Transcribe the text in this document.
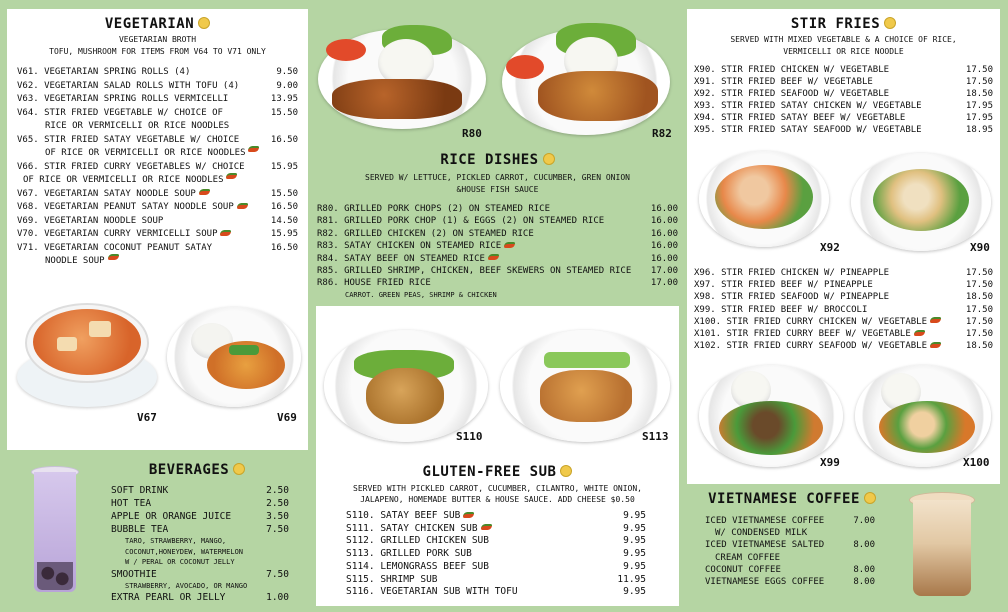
VEGETARIAN
VEGETARIAN BROTH
TOFU, MUSHROOM FOR ITEMS FROM V64 TO V71 ONLY
V61. VEGETARIAN SPRING ROLLS (4)	9.50
V62. VEGETARIAN SALAD ROLLS WITH TOFU (4)	9.00
V63. VEGETARIAN SPRING ROLLS VERMICELLI	13.95
V64. STIR FRIED VEGETABLE W/ CHOICE OF	15.50
RICE OR VERMICELLI OR RICE NOODLES
V65. STIR FRIED SATAY VEGETABLE W/ CHOICE	16.50
OF RICE OR VERMICELLI OR RICE NOODLES
V66. STIR FRIED CURRY VEGETABLES W/ CHOICE	15.95
OF RICE OR VERMICELLI OR RICE NOODLES
V67. VEGETARIAN SATAY NOODLE SOUP	15.50
V68. VEGETARIAN PEANUT SATAY NOODLE SOUP	16.50
V69. VEGETARIAN NOODLE SOUP	14.50
V70. VEGETARIAN CURRY VERMICELLI SOUP	15.95
V71. VEGETARIAN COCONUT PEANUT SATAY	16.50
NOODLE SOUP
V67	V69
BEVERAGES
SOFT DRINK	2.50
HOT TEA	2.50
APPLE OR ORANGE JUICE	3.50
BUBBLE TEA	7.50
TARO, STRAWBERRY, MANGO,
COCONUT,HONEYDEW, WATERMELON
W / PERAL OR COCONUT JELLY
SMOOTHIE	7.50
STRAWBERRY, AVOCADO, OR MANGO
EXTRA PEARL OR JELLY	1.00
R80	R82
RICE DISHES
SERVED W/ LETTUCE, PICKLED CARROT, CUCUMBER, GREN ONION
&HOUSE FISH SAUCE
R80. GRILLED PORK CHOPS (2) ON STEAMED RICE	16.00
R81. GRILLED PORK CHOP (1) & EGGS (2) ON STEAMED RICE	16.00
R82. GRILLED CHICKEN (2) ON STEAMED RICE	16.00
R83. SATAY CHICKEN ON STEAMED RICE	16.00
R84. SATAY BEEF ON STEAMED RICE	16.00
R85. GRILLED SHRIMP, CHICKEN, BEEF SKEWERS ON STEAMED RICE	17.00
R86. HOUSE FRIED RICE	17.00
CARROT. GREEN PEAS, SHRIMP & CHICKEN
S110	S113
GLUTEN-FREE SUB
SERVED WITH PICKLED CARROT, CUCUMBER, CILANTRO, WHITE ONION,
JALAPENO, HOMEMADE BUTTER & HOUSE SAUCE. ADD CHEESE $0.50
S110. SATAY BEEF SUB	9.95
S111. SATAY CHICKEN SUB	9.95
S112. GRILLED CHICKEN SUB	9.95
S113. GRILLED PORK SUB	9.95
S114. LEMONGRASS BEEF SUB	9.95
S115. SHRIMP SUB	11.95
S116. VEGETARIAN SUB WITH TOFU	9.95
STIR FRIES
SERVED WITH MIXED VEGETABLE & A CHOICE OF RICE,
VERMICELLI OR RICE NOODLE
X90. STIR FRIED CHICKEN W/ VEGETABLE	17.50
X91. STIR FRIED BEEF W/ VEGETABLE	17.50
X92. STIR FRIED SEAFOOD W/ VEGETABLE	18.50
X93. STIR FRIED SATAY CHICKEN W/ VEGETABLE	17.95
X94. STIR FRIED SATAY BEEF W/ VEGETABLE	17.95
X95. STIR FRIED SATAY SEAFOOD W/ VEGETABLE	18.95
X92	X90
X96. STIR FRIED CHICKEN W/ PINEAPPLE	17.50
X97. STIR FRIED BEEF W/ PINEAPPLE	17.50
X98. STIR FRIED SEAFOOD W/ PINEAPPLE	18.50
X99. STIR FRIED BEEF W/ BROCCOLI	17.50
X100. STIR FRIED CURRY CHICKEN W/ VEGETABLE	17.50
X101. STIR FRIED CURRY BEEF W/ VEGETABLE	17.50
X102. STIR FRIED CURRY SEAFOOD W/ VEGETABLE	18.50
X99	X100
VIETNAMESE COFFEE
ICED VIETNAMESE COFFEE	7.00
W/ CONDENSED MILK
ICED VIETNAMESE SALTED	8.00
CREAM COFFEE
COCONUT COFFEE	8.00
VIETNAMESE EGGS COFFEE	8.00
